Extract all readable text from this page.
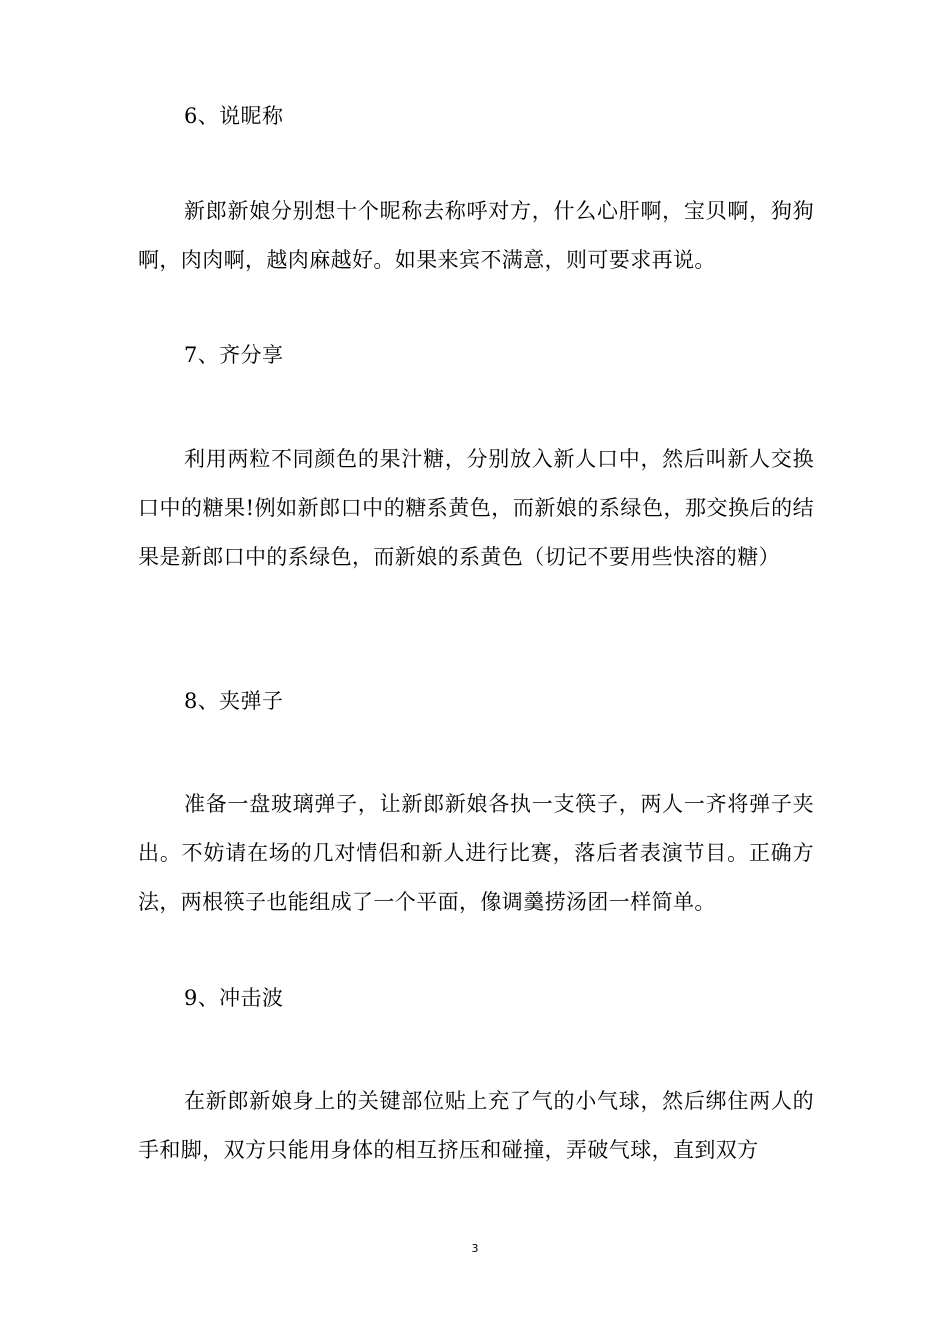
6、说昵称

新郎新娘分别想十个昵称去称呼对方，什么心肝啊，宝贝啊，狗狗啊，肉肉啊，越肉麻越好。如果来宾不满意，则可要求再说。

7、齐分享

利用两粒不同颜色的果汁糖，分别放入新人口中，然后叫新人交换口中的糖果!例如新郎口中的糖系黄色，而新娘的系绿色，那交换后的结果是新郎口中的系绿色，而新娘的系黄色（切记不要用些快溶的糖）

8、夹弹子

准备一盘玻璃弹子，让新郎新娘各执一支筷子，两人一齐将弹子夹出。不妨请在场的几对情侣和新人进行比赛，落后者表演节目。正确方法，两根筷子也能组成了一个平面，像调羹捞汤团一样简单。

9、冲击波

在新郎新娘身上的关键部位贴上充了气的小气球，然后绑住两人的手和脚，双方只能用身体的相互挤压和碰撞，弄破气球，直到双方

3
